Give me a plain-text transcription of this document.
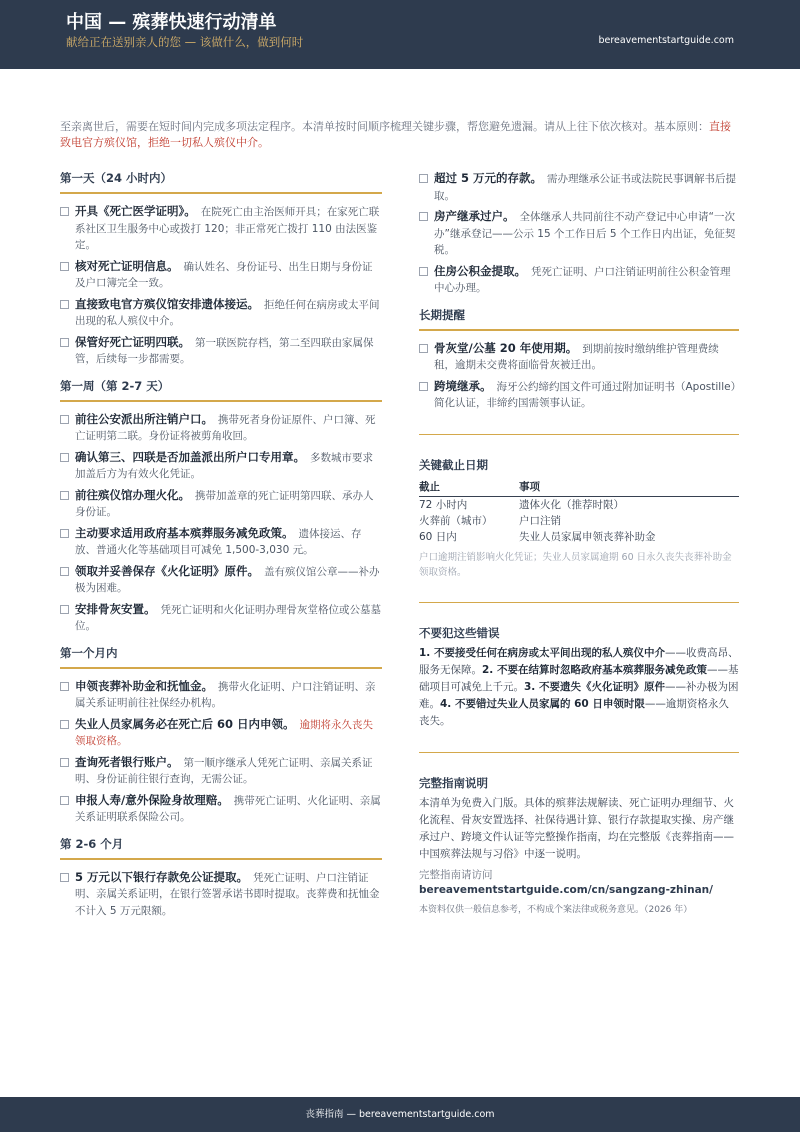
中国 — 殡葬快速行动清单
献给正在送别亲人的您 — 该做什么，做到何时	bereavementstartguide.com
至亲离世后，需要在短时间内完成多项法定程序。本清单按时间顺序梳理关键步骤，帮您避免遗漏。请从上往下依次核对。基本原则：直接致电官方殡仪馆，拒绝一切私人殡仪中介。
第一天（24 小时内）
开具《死亡医学证明》。 在院死亡由主治医师开具；在家死亡联系社区卫生服务中心或拨打 120；非正常死亡拨打 110 由法医鉴定。
核对死亡证明信息。 确认姓名、身份证号、出生日期与身份证及户口簿完全一致。
直接致电官方殡仪馆安排遗体接运。 拒绝任何在病房或太平间出现的私人殡仪中介。
保管好死亡证明四联。 第一联医院存档，第二至四联由家属保管，后续每一步都需要。
第一周（第 2-7 天）
前往公安派出所注销户口。 携带死者身份证原件、户口簿、死亡证明第二联。身份证将被剪角收回。
确认第三、四联是否加盖派出所户口专用章。 多数城市要求加盖后方为有效火化凭证。
前往殡仪馆办理火化。 携带加盖章的死亡证明第四联、承办人身份证。
主动要求适用政府基本殡葬服务减免政策。 遗体接运、存放、普通火化等基础项目可减免 1,500-3,030 元。
领取并妥善保存《火化证明》原件。 盖有殡仪馆公章——补办极为困难。
安排骨灰安置。 凭死亡证明和火化证明办理骨灰堂格位或公墓墓位。
第一个月内
申领丧葬补助金和抚恤金。 携带火化证明、户口注销证明、亲属关系证明前往社保经办机构。
失业人员家属务必在死亡后 60 日内申领。 逾期将永久丧失领取资格。
查询死者银行账户。 第一顺序继承人凭死亡证明、亲属关系证明、身份证前往银行查询，无需公证。
申报人寿/意外保险身故理赔。 携带死亡证明、火化证明、亲属关系证明联系保险公司。
第 2-6 个月
5 万元以下银行存款免公证提取。 凭死亡证明、户口注销证明、亲属关系证明，在银行签署承诺书即时提取。丧葬费和抚恤金不计入 5 万元限额。
超过 5 万元的存款。 需办理继承公证书或法院民事调解书后提取。
房产继承过户。 全体继承人共同前往不动产登记中心申请“一次办”继承登记——公示 15 个工作日后 5 个工作日内出证，免征契税。
住房公积金提取。 凭死亡证明、户口注销证明前往公积金管理中心办理。
长期提醒
骨灰堂/公墓 20 年使用期。 到期前按时缴纳维护管理费续租，逾期未交费将面临骨灰被迁出。
跨境继承。 海牙公约缔约国文件可通过附加证明书（Apostille）简化认证，非缔约国需领事认证。
关键截止日期
截止	事项
72 小时内	遗体火化（推荐时限）
火葬前（城市）	户口注销
60 日内	失业人员家属申领丧葬补助金
户口逾期注销影响火化凭证；失业人员家属逾期 60 日永久丧失丧葬补助金领取资格。
不要犯这些错误
1. 不要接受任何在病房或太平间出现的私人殡仪中介——收费高昂、服务无保障。2. 不要在结算时忽略政府基本殡葬服务减免政策——基础项目可减免上千元。3. 不要遗失《火化证明》原件——补办极为困难。4. 不要错过失业人员家属的 60 日申领时限——逾期资格永久丧失。
完整指南说明
本清单为免费入门版。具体的殡葬法规解读、死亡证明办理细节、火化流程、骨灰安置选择、社保待遇计算、银行存款提取实操、房产继承过户、跨境文件认证等完整操作指南，均在完整版《丧葬指南——中国殡葬法规与习俗》中逐一说明。
完整指南请访问
bereavementstartguide.com/cn/sangzang-zhinan/
本资料仅供一般信息参考，不构成个案法律或税务意见。（2026 年）
丧葬指南 — bereavementstartguide.com
